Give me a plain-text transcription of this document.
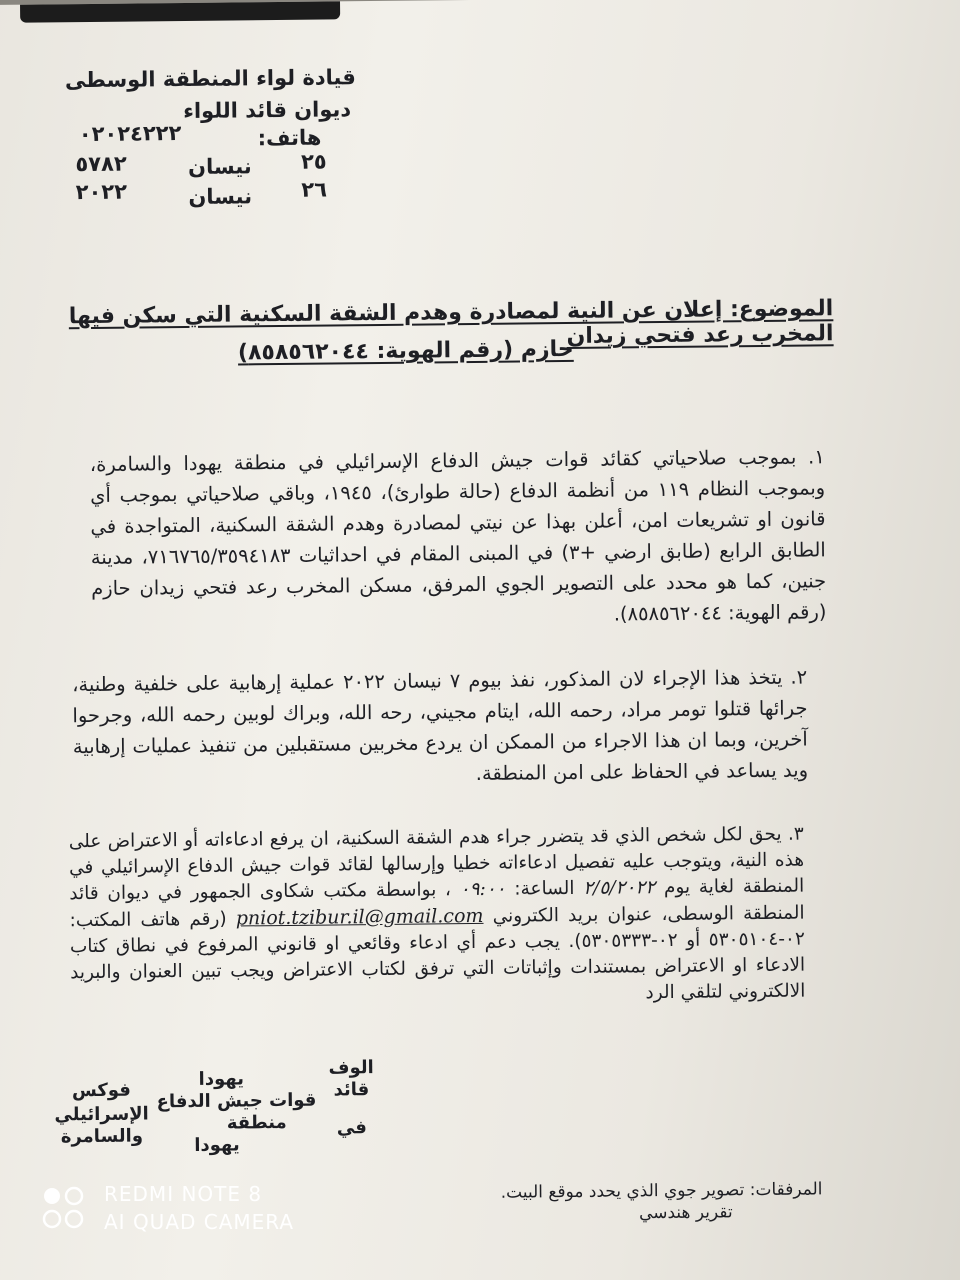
قيادة لواء المنطقة الوسطى
ديوان قائد اللواء
هاتف:
٠٢٠٢٤٢٢٢
٢٥
نيسان
٥٧٨٢
٢٦
نيسان
٢٠٢٢
الموضوع: إعلان عن النية لمصادرة وهدم الشقة السكنية التي سكن فيها المخرب رعد فتحي زيدان
حازم (رقم الهوية: ٨٥٨٥٦٢٠٤٤)
١. بموجب صلاحياتي كقائد قوات جيش الدفاع الإسرائيلي في منطقة يهودا والسامرة، وبموجب النظام ١١٩ من أنظمة الدفاع (حالة طوارئ)، ١٩٤٥، وباقي صلاحياتي بموجب أي قانون او تشريعات امن، أعلن بهذا عن نيتي لمصادرة وهدم الشقة السكنية، المتواجدة في الطابق الرابع (طابق ارضي +٣) في المبنى المقام في احداثيات ٧١٦٧٦٥/٣٥٩٤١٨٣، مدينة جنين، كما هو محدد على التصوير الجوي المرفق، مسكن المخرب رعد فتحي زيدان حازم (رقم الهوية: ٨٥٨٥٦٢٠٤٤).
٢. يتخذ هذا الإجراء لان المذكور، نفذ بيوم ٧ نيسان ٢٠٢٢ عملية إرهابية على خلفية وطنية، جرائها قتلوا تومر مراد، رحمه الله، ايتام مجيني، رحه الله، وبراك لوبين رحمه الله، وجرحوا آخرين، وبما ان هذا الاجراء من الممكن ان يردع مخربين مستقبلين من تنفيذ عمليات إرهابية ويد يساعد في الحفاظ على امن المنطقة.
٣. يحق لكل شخص الذي قد يتضرر جراء هدم الشقة السكنية، ان يرفع ادعاءاته أو الاعتراض على هذه النية، ويتوجب عليه تفصيل ادعاءاته خطيا وإرسالها لقائد قوات جيش الدفاع الإسرائيلي في المنطقة لغاية يوم ٢/٥/٢٠٢٢ الساعة: ٠٩:٠٠ ، بواسطة مكتب شكاوى الجمهور في ديوان قائد المنطقة الوسطى، عنوان بريد الكتروني pniot.tzibur.il@gmail.com (رقم هاتف المكتب: ٠٢-٥٣٠٥١٠٤ أو ٠٢-٥٣٠٥٣٣٣). يجب دعم أي ادعاء وقائعي او قانوني المرفوع في نطاق كتاب الادعاء او الاعتراض بمستندات وإثباتات التي ترفق لكتاب الاعتراض ويجب تبين العنوان والبريد الالكتروني لتلقي الرد
الوف
قائد
في
يهودا
قوات جيش الدفاع
منطقة
يهودا
فوكس
الإسرائيلي
والسامرة
المرفقات: تصوير جوي الذي يحدد موقع البيت.
تقرير هندسي
REDMI NOTE 8
AI QUAD CAMERA
